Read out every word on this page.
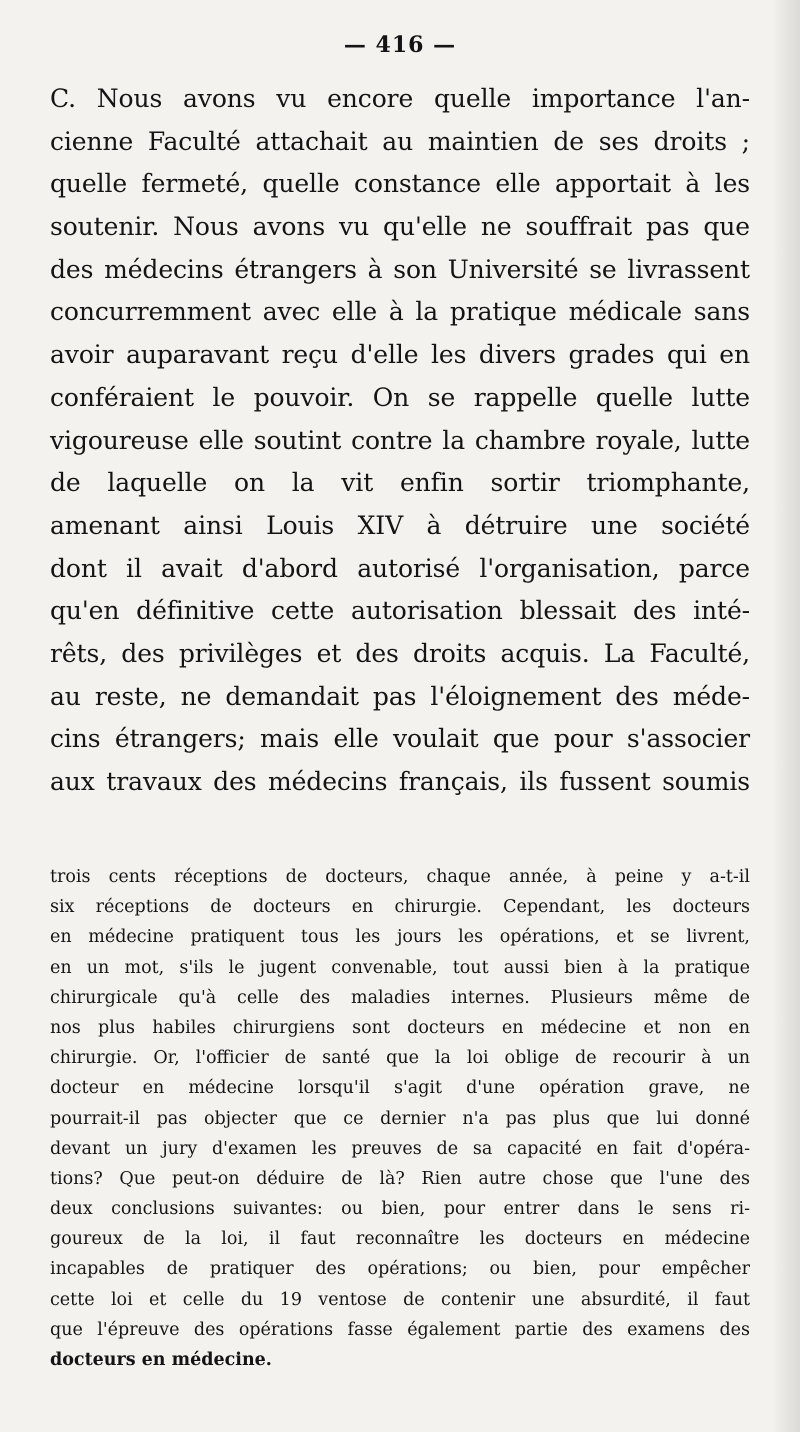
— 416 —
C. Nous avons vu encore quelle importance l'an-
cienne Faculté attachait au maintien de ses droits ;
quelle fermeté, quelle constance elle apportait à les
soutenir. Nous avons vu qu'elle ne souffrait pas que
des médecins étrangers à son Université se livrassent
concurremment avec elle à la pratique médicale sans
avoir auparavant reçu d'elle les divers grades qui en
conféraient le pouvoir. On se rappelle quelle lutte
vigoureuse elle soutint contre la chambre royale, lutte
de laquelle on la vit enfin sortir triomphante,
amenant ainsi Louis XIV à détruire une société
dont il avait d'abord autorisé l'organisation, parce
qu'en définitive cette autorisation blessait des inté-
rêts, des privilèges et des droits acquis. La Faculté,
au reste, ne demandait pas l'éloignement des méde-
cins étrangers; mais elle voulait que pour s'associer
aux travaux des médecins français, ils fussent soumis
trois cents réceptions de docteurs, chaque année, à peine y a-t-il
six réceptions de docteurs en chirurgie. Cependant, les docteurs
en médecine pratiquent tous les jours les opérations, et se livrent,
en un mot, s'ils le jugent convenable, tout aussi bien à la pratique
chirurgicale qu'à celle des maladies internes. Plusieurs même de
nos plus habiles chirurgiens sont docteurs en médecine et non en
chirurgie. Or, l'officier de santé que la loi oblige de recourir à un
docteur en médecine lorsqu'il s'agit d'une opération grave, ne
pourrait-il pas objecter que ce dernier n'a pas plus que lui donné
devant un jury d'examen les preuves de sa capacité en fait d'opéra-
tions? Que peut-on déduire de là? Rien autre chose que l'une des
deux conclusions suivantes: ou bien, pour entrer dans le sens ri-
goureux de la loi, il faut reconnaître les docteurs en médecine
incapables de pratiquer des opérations; ou bien, pour empêcher
cette loi et celle du 19 ventose de contenir une absurdité, il faut
que l'épreuve des opérations fasse également partie des examens des
docteurs en médecine.
